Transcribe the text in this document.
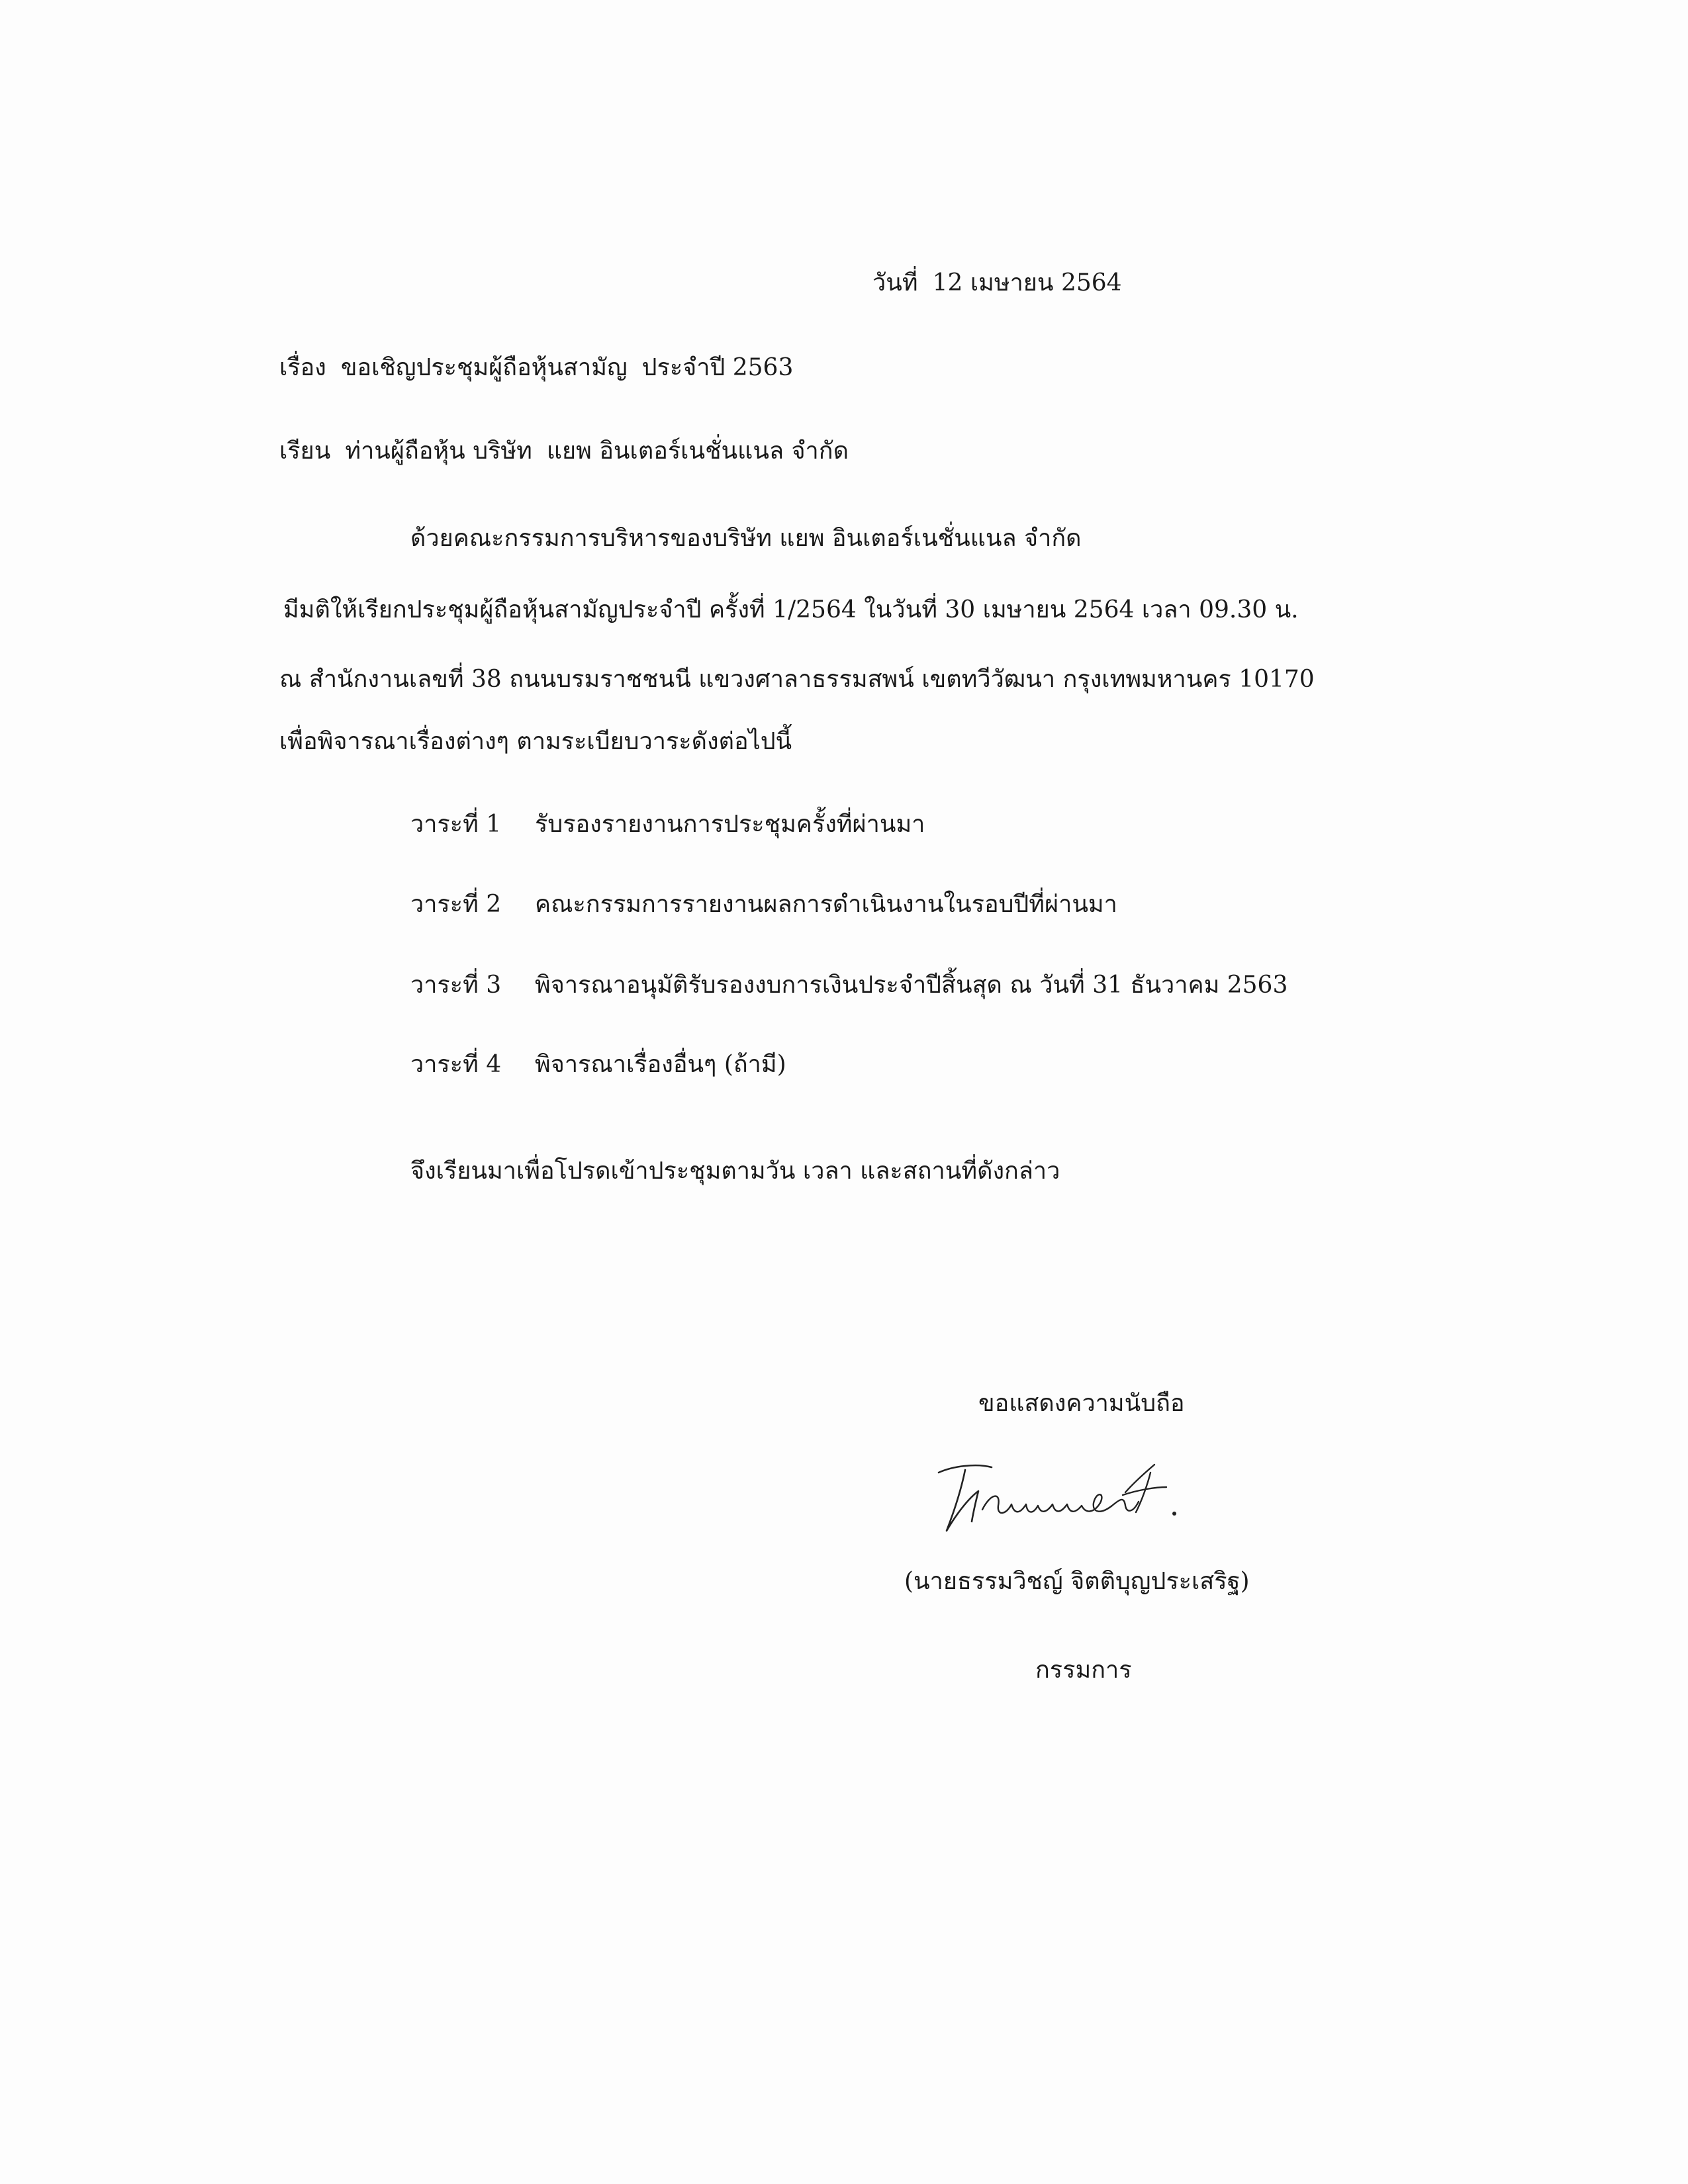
วันที่ 12 เมษายน 2564
เรื่อง ขอเชิญประชุมผู้ถือหุ้นสามัญ ประจำปี 2563
เรียน ท่านผู้ถือหุ้น บริษัท แยพ อินเตอร์เนชั่นแนล จำกัด
ด้วยคณะกรรมการบริหารของบริษัท แยพ อินเตอร์เนชั่นแนล จำกัด
มีมติให้เรียกประชุมผู้ถือหุ้นสามัญประจำปี ครั้งที่ 1/2564 ในวันที่ 30 เมษายน 2564 เวลา 09.30 น.
ณ สำนักงานเลขที่ 38 ถนนบรมราชชนนี แขวงศาลาธรรมสพน์ เขตทวีวัฒนา กรุงเทพมหานคร 10170
เพื่อพิจารณาเรื่องต่างๆ ตามระเบียบวาระดังต่อไปนี้
วาระที่ 1 รับรองรายงานการประชุมครั้งที่ผ่านมา
วาระที่ 2 คณะกรรมการรายงานผลการดำเนินงานในรอบปีที่ผ่านมา
วาระที่ 3 พิจารณาอนุมัติรับรองงบการเงินประจำปีสิ้นสุด ณ วันที่ 31 ธันวาคม 2563
วาระที่ 4 พิจารณาเรื่องอื่นๆ (ถ้ามี)
จึงเรียนมาเพื่อโปรดเข้าประชุมตามวัน เวลา และสถานที่ดังกล่าว
ขอแสดงความนับถือ
(นายธรรมวิชญ์ จิตติบุญประเสริฐ)
กรรมการ
